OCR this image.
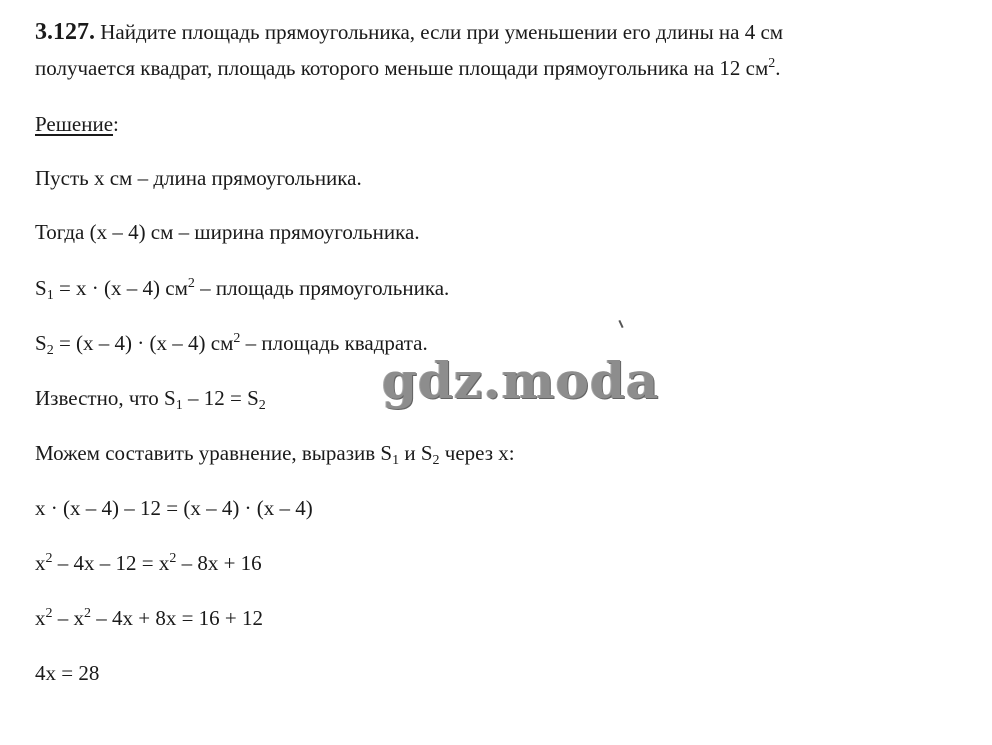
3.127. Найдите площадь прямоугольника, если при уменьшении его длины на 4 см
получается квадрат, площадь которого меньше площади прямоугольника на 12 $см^2$.
Решение:
Пусть x см – длина прямоугольника.
Тогда (x – 4) см – ширина прямоугольника.
$S_1 = x \cdot (x - 4)$ $см^2$ – площадь прямоугольника.
$S_2 = (x - 4) \cdot (x - 4)$ $см^2$ – площадь квадрата.
Известно, что $S_1 - 12 = S_2$
Можем составить уравнение, выразив $S_1$ и $S_2$ через x:
x · (x – 4) – 12 = (x – 4) · (x – 4)
$x^2 - 4x - 12 = x^2 - 8x + 16$
$x^2 - x^2 - 4x + 8x = 16 + 12$
4x = 28
gdz.moda
